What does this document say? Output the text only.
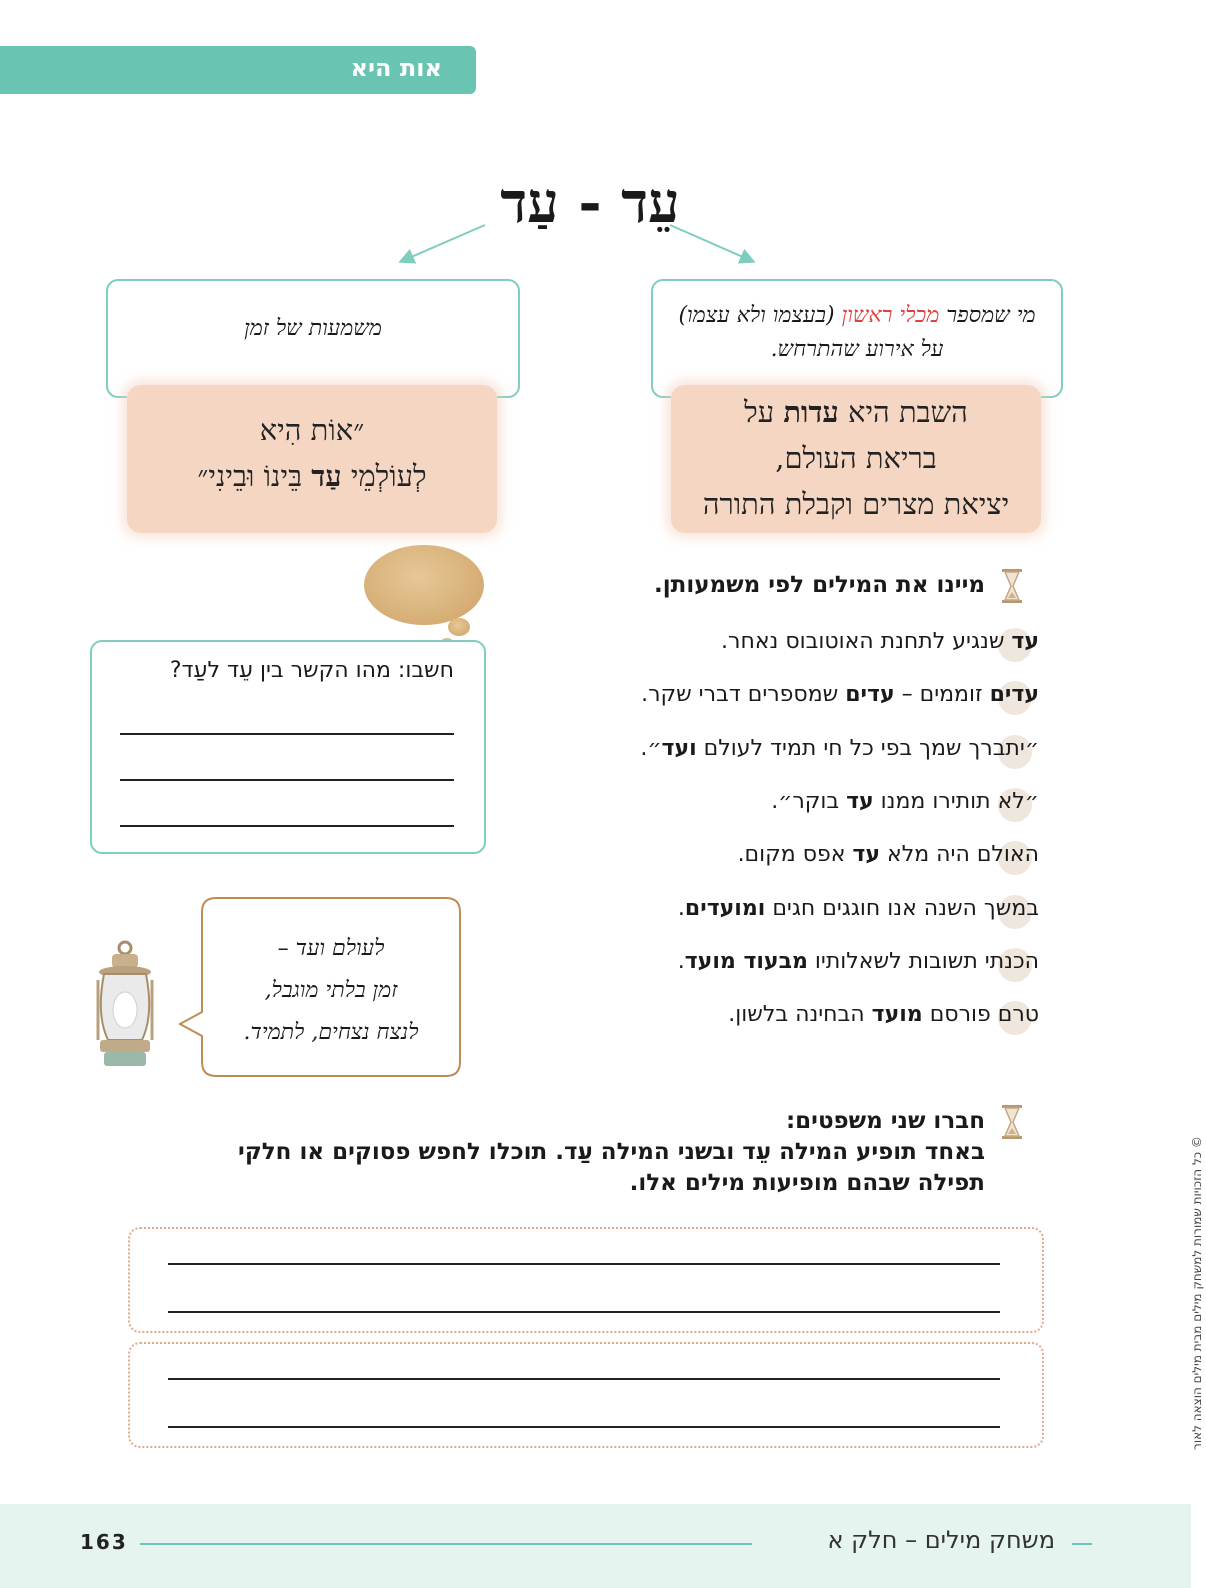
אות היא
עֵד - עַד
מי שמספר מכלי ראשון (בעצמו ולא עצמו)
על אירוע שהתרחש.
השבת היא עדות על
בריאת העולם,
יציאת מצרים וקבלת התורה
משמעות של זמן
״אוֹת הִיא
לְעוֹלְמֵי עַד בֵּינוֹ וּבֵינִי״
מיינו את המילים לפי משמעותן.
עד שנגיע לתחנת האוטובוס נאחר.
עדים זוממים – עדים שמספרים דברי שקר.
״יתברך שמך בפי כל חי תמיד לעולם ועד״.
״לא תותירו ממנו עד בוקר״.
האולם היה מלא עד אפס מקום.
במשך השנה אנו חוגגים חגים ומועדים.
הכנתי תשובות לשאלותיו מבעוד מועד.
טרם פורסם מועד הבחינה בלשון.
חשבו: מהו הקשר בין עֵד לעַד?
לעולם ועד –
זמן בלתי מוגבל,
לנצח נצחים, לתמיד.
חברו שני משפטים:
באחד תופיע המילה עֵד ובשני המילה עַד. תוכלו לחפש פסוקים או חלקי
תפילה שבהם מופיעות מילים אלו.	© כל הזכויות שמורות למשחק מילים מבית מילים הוצאה לאור
משחק מילים – חלק א
163
